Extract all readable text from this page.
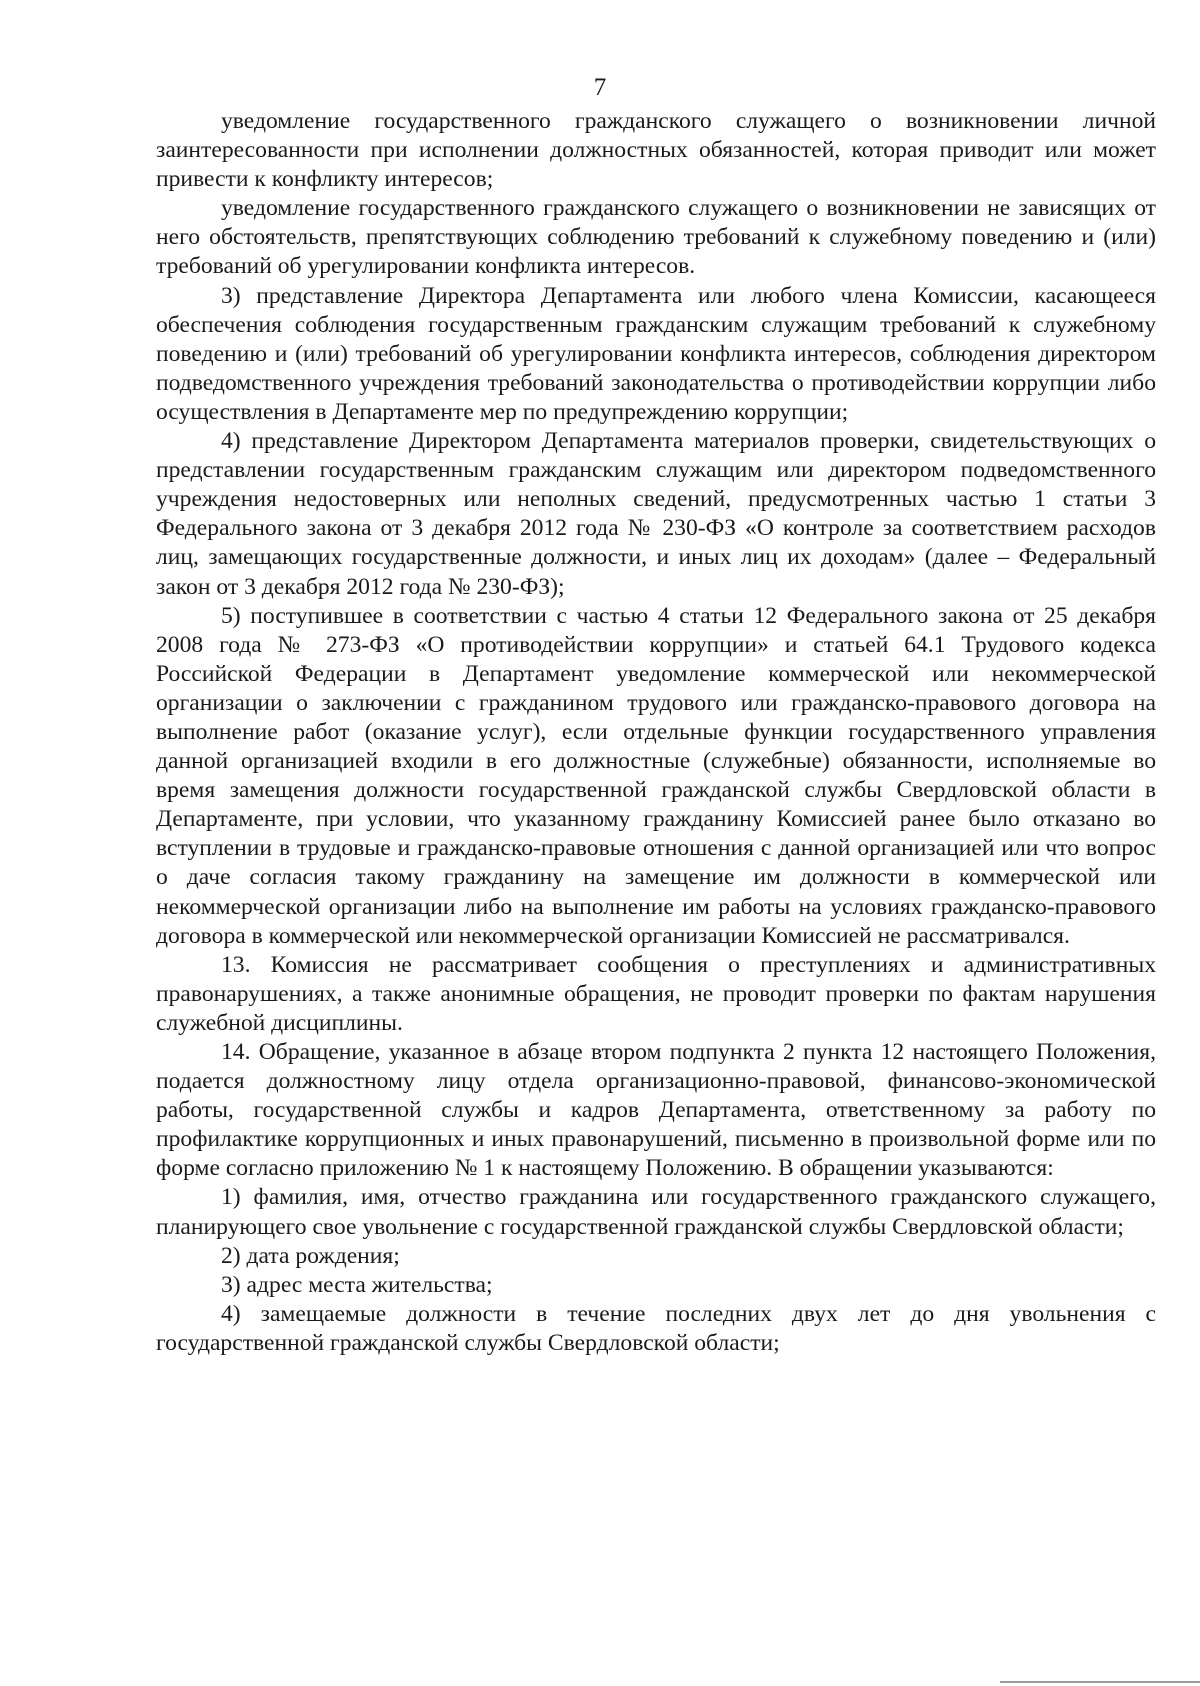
7

уведомление государственного гражданского служащего о возникновении личной заинтересованности при исполнении должностных обязанностей, которая приводит или может привести к конфликту интересов;

уведомление государственного гражданского служащего о возникновении не зависящих от него обстоятельств, препятствующих соблюдению требований к служебному поведению и (или) требований об урегулировании конфликта интересов.

3) представление Директора Департамента или любого члена Комиссии, касающееся обеспечения соблюдения государственным гражданским служащим требований к служебному поведению и (или) требований об урегулировании конфликта интересов, соблюдения директором подведомственного учреждения требований законодательства о противодействии коррупции либо осуществления в Департаменте мер по предупреждению коррупции;

4) представление Директором Департамента материалов проверки, свидетельствующих о представлении государственным гражданским служащим или директором подведомственного учреждения недостоверных или неполных сведений, предусмотренных частью 1 статьи 3 Федерального закона от 3 декабря 2012 года № 230-ФЗ «О контроле за соответствием расходов лиц, замещающих государственные должности, и иных лиц их доходам» (далее – Федеральный закон от 3 декабря 2012 года № 230-ФЗ);

5) поступившее в соответствии с частью 4 статьи 12 Федерального закона от 25 декабря 2008 года № 273-ФЗ «О противодействии коррупции» и статьей 64.1 Трудового кодекса Российской Федерации в Департамент уведомление коммерческой или некоммерческой организации о заключении с гражданином трудового или гражданско-правового договора на выполнение работ (оказание услуг), если отдельные функции государственного управления данной организацией входили в его должностные (служебные) обязанности, исполняемые во время замещения должности государственной гражданской службы Свердловской области в Департаменте, при условии, что указанному гражданину Комиссией ранее было отказано во вступлении в трудовые и гражданско-правовые отношения с данной организацией или что вопрос о даче согласия такому гражданину на замещение им должности в коммерческой или некоммерческой организации либо на выполнение им работы на условиях гражданско-правового договора в коммерческой или некоммерческой организации Комиссией не рассматривался.

13. Комиссия не рассматривает сообщения о преступлениях и административных правонарушениях, а также анонимные обращения, не проводит проверки по фактам нарушения служебной дисциплины.

14. Обращение, указанное в абзаце втором подпункта 2 пункта 12 настоящего Положения, подается должностному лицу отдела организационно-правовой, финансово-экономической работы, государственной службы и кадров Департамента, ответственному за работу по профилактике коррупционных и иных правонарушений, письменно в произвольной форме или по форме согласно приложению № 1 к настоящему Положению. В обращении указываются:

1) фамилия, имя, отчество гражданина или государственного гражданского служащего, планирующего свое увольнение с государственной гражданской службы Свердловской области;

2) дата рождения;

3) адрес места жительства;

4) замещаемые должности в течение последних двух лет до дня увольнения с государственной гражданской службы Свердловской области;
